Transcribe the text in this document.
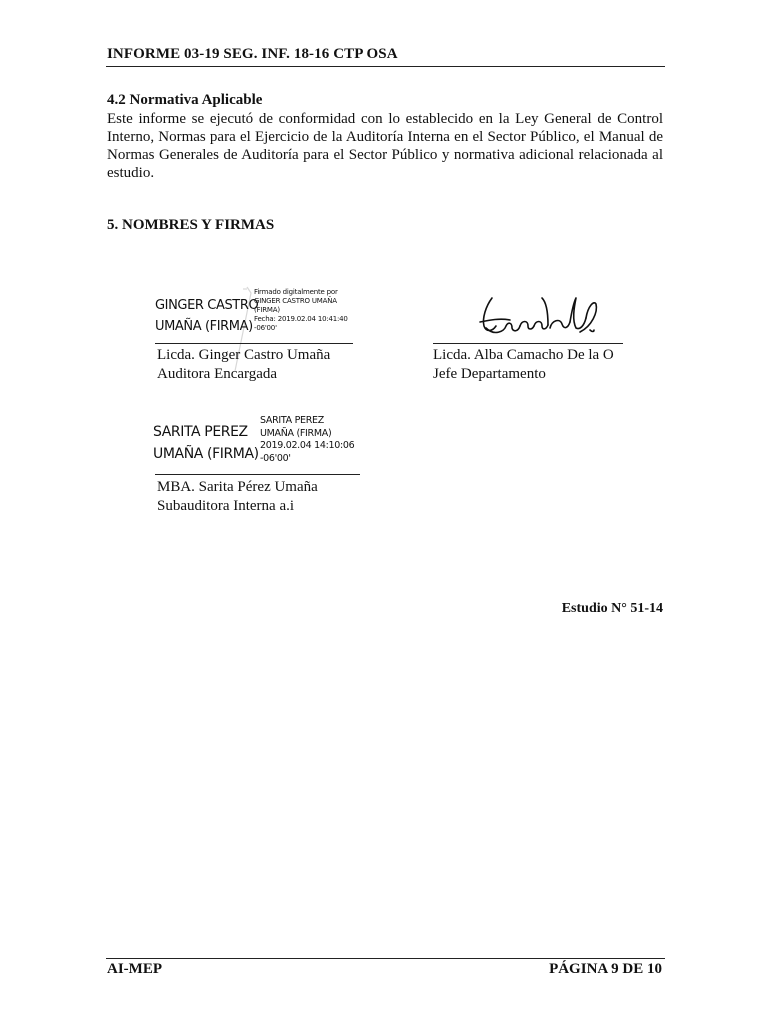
INFORME 03-19 SEG. INF. 18-16 CTP OSA
4.2 Normativa Aplicable
Este informe se ejecutó de conformidad con lo establecido en la Ley General de Control
Interno, Normas para el Ejercicio de la Auditoría Interna en el Sector Público, el Manual de
Normas Generales de Auditoría para el Sector Público y normativa adicional relacionada al
estudio.
5. NOMBRES Y FIRMAS
GINGER CASTRO
UMAÑA (FIRMA)
Firmado digitalmente por
GINGER CASTRO UMAÑA
(FIRMA)
Fecha: 2019.02.04 10:41:40
-06'00'
Licda. Ginger Castro Umaña
Auditora Encargada
Licda. Alba Camacho De la O
Jefe Departamento
SARITA PEREZ
UMAÑA (FIRMA)
SARITA PEREZ
UMAÑA (FIRMA)
2019.02.04 14:10:06
-06'00'
MBA. Sarita Pérez Umaña
Subauditora Interna a.i
Estudio N° 51-14
AI-MEP	PÁGINA 9 DE 10
